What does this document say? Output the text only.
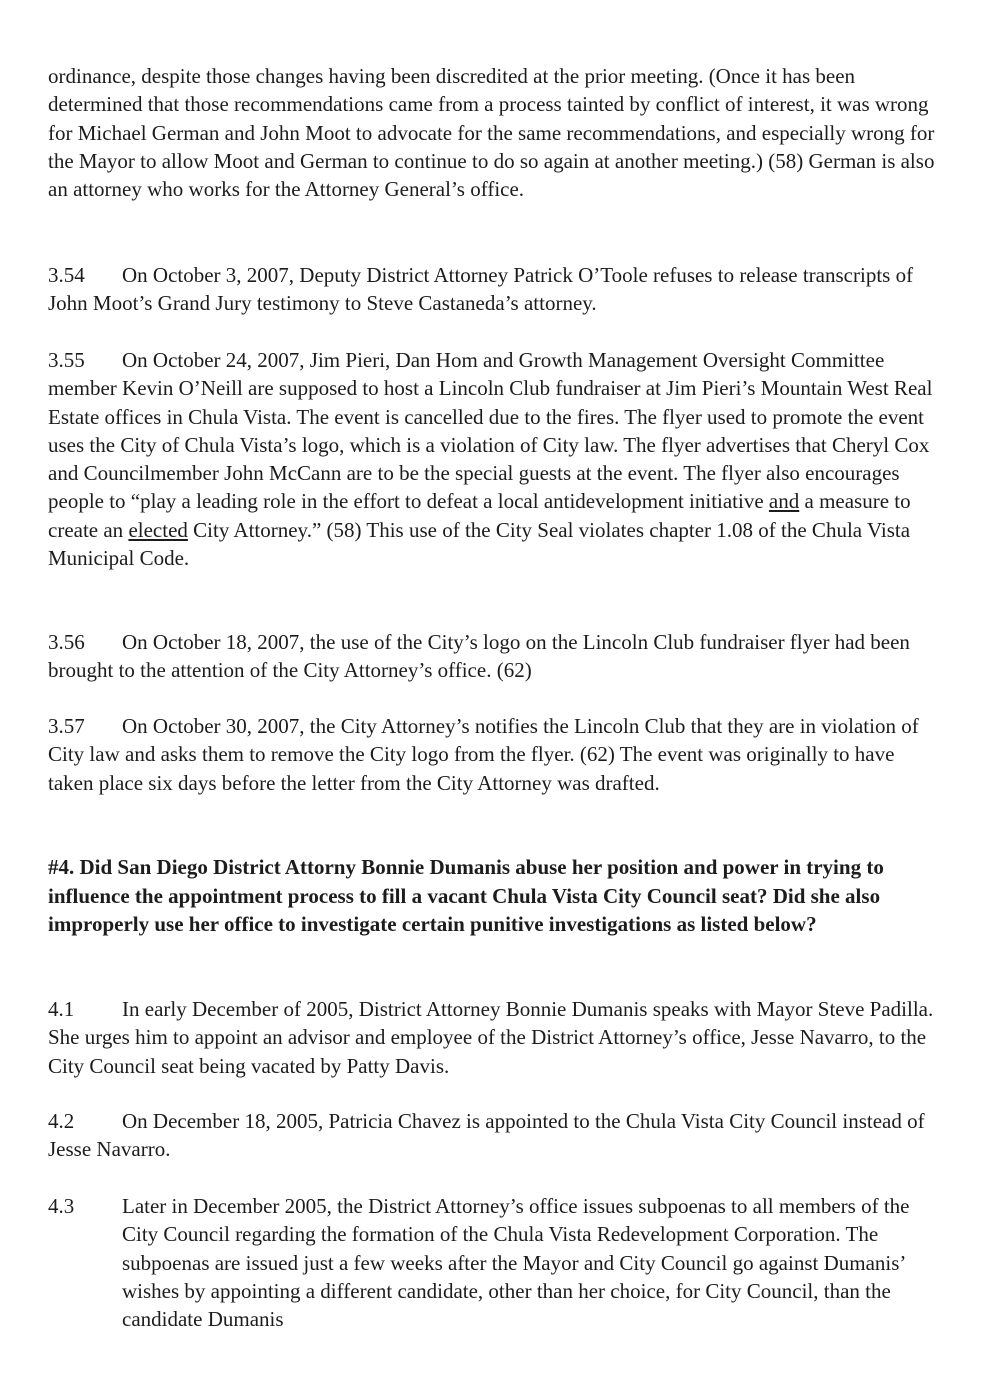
ordinance, despite those changes having been discredited at the prior meeting. (Once it has been determined that those recommendations came from a process tainted by conflict of interest, it was wrong for Michael German and John Moot to advocate for the same recommendations, and especially wrong for the Mayor to allow Moot and German to continue to do so again at another meeting.) (58) German is also an attorney who works for the Attorney General’s office.

3.54 On October 3, 2007, Deputy District Attorney Patrick O’Toole refuses to release transcripts of John Moot’s Grand Jury testimony to Steve Castaneda’s attorney.

3.55 On October 24, 2007, Jim Pieri, Dan Hom and Growth Management Oversight Committee member Kevin O’Neill are supposed to host a Lincoln Club fundraiser at Jim Pieri’s Mountain West Real Estate offices in Chula Vista. The event is cancelled due to the fires. The flyer used to promote the event uses the City of Chula Vista’s logo, which is a violation of City law. The flyer advertises that Cheryl Cox and Councilmember John McCann are to be the special guests at the event. The flyer also encourages people to “play a leading role in the effort to defeat a local antidevelopment initiative and a measure to create an elected City Attorney.” (58) This use of the City Seal violates chapter 1.08 of the Chula Vista Municipal Code.

3.56 On October 18, 2007, the use of the City’s logo on the Lincoln Club fundraiser flyer had been brought to the attention of the City Attorney’s office. (62)

3.57 On October 30, 2007, the City Attorney’s notifies the Lincoln Club that they are in violation of City law and asks them to remove the City logo from the flyer. (62) The event was originally to have taken place six days before the letter from the City Attorney was drafted.

#4. Did San Diego District Attorny Bonnie Dumanis abuse her position and power in trying to influence the appointment process to fill a vacant Chula Vista City Council seat? Did she also improperly use her office to investigate certain punitive investigations as listed below?

4.1 In early December of 2005, District Attorney Bonnie Dumanis speaks with Mayor Steve Padilla. She urges him to appoint an advisor and employee of the District Attorney’s office, Jesse Navarro, to the City Council seat being vacated by Patty Davis.

4.2 On December 18, 2005, Patricia Chavez is appointed to the Chula Vista City Council instead of Jesse Navarro.

4.3 Later in December 2005, the District Attorney’s office issues subpoenas to all members of the City Council regarding the formation of the Chula Vista Redevelopment Corporation. The subpoenas are issued just a few weeks after the Mayor and City Council go against Dumanis’ wishes by appointing a different candidate, other than her choice, for City Council, than the candidate Dumanis
